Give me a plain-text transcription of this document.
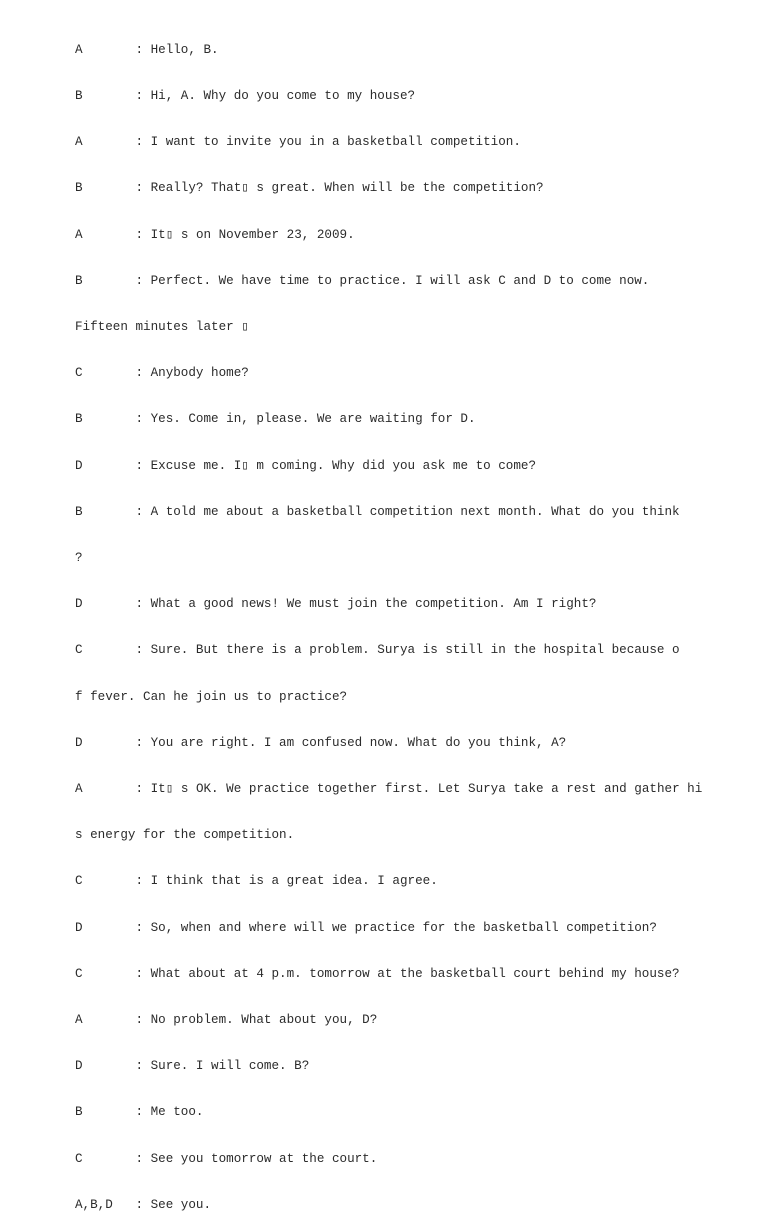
A       : Hello, B.

B       : Hi, A. Why do you come to my house?

A       : I want to invite you in a basketball competition.

B       : Really? That▯ s great. When will be the competition?

A       : It▯ s on November 23, 2009.

B       : Perfect. We have time to practice. I will ask C and D to come now.

Fifteen minutes later ▯

C       : Anybody home?

B       : Yes. Come in, please. We are waiting for D.

D       : Excuse me. I▯ m coming. Why did you ask me to come?

B       : A told me about a basketball competition next month. What do you think

?

D       : What a good news! We must join the competition. Am I right?

C       : Sure. But there is a problem. Surya is still in the hospital because o

f fever. Can he join us to practice?

D       : You are right. I am confused now. What do you think, A?

A       : It▯ s OK. We practice together first. Let Surya take a rest and gather hi

s energy for the competition.

C       : I think that is a great idea. I agree.

D       : So, when and where will we practice for the basketball competition?

C       : What about at 4 p.m. tomorrow at the basketball court behind my house?

A       : No problem. What about you, D?

D       : Sure. I will come. B?

B       : Me too.

C       : See you tomorrow at the court.

A,B,D   : See you.
